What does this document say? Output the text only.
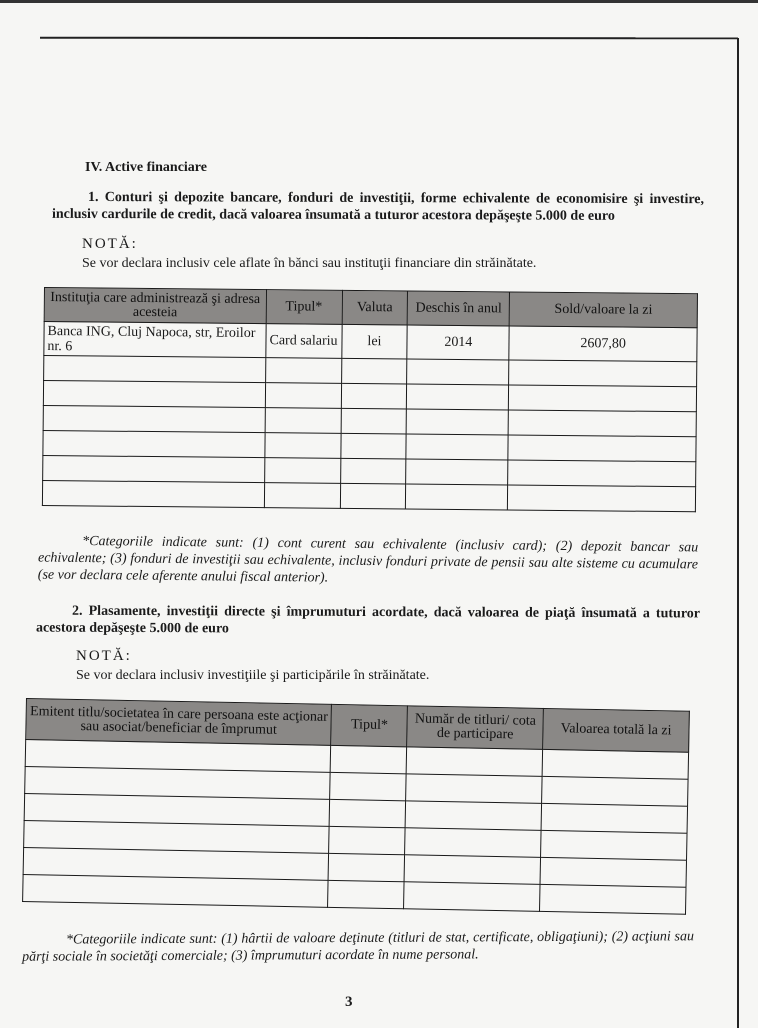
IV. Active financiare
1. Conturi şi depozite bancare, fonduri de investiţii, forme echivalente de economisire şi investire, inclusiv cardurile de credit, dacă valoarea însumată a tuturor acestora depăşeşte 5.000 de euro
NOTĂ:
Se vor declara inclusiv cele aflate în bănci sau instituţii financiare din străinătate.
Instituţia care administrează şi adresa acesteia	Tipul*	Valuta	Deschis în anul	Sold/valoare la zi
Banca ING, Cluj Napoca, str, Eroilor nr. 6	Card salariu	lei	2014	2607,80

*Categoriile indicate sunt: (1) cont curent sau echivalente (inclusiv card); (2) depozit bancar sau echivalente; (3) fonduri de investiţii sau echivalente, inclusiv fonduri private de pensii sau alte sisteme cu acumulare (se vor declara cele aferente anului fiscal anterior).
2. Plasamente, investiţii directe şi împrumuturi acordate, dacă valoarea de piaţă însumată a tuturor acestora depăşeşte 5.000 de euro
NOTĂ:
Se vor declara inclusiv investiţiile şi participările în străinătate.
Emitent titlu/societatea în care persoana este acţionar sau asociat/beneficiar de împrumut	Tipul*	Număr de titluri/ cota de participare	Valoarea totală la zi

*Categoriile indicate sunt: (1) hârtii de valoare deţinute (titluri de stat, certificate, obligaţiuni); (2) acţiuni sau părţi sociale în societăţi comerciale; (3) împrumuturi acordate în nume personal.
3
